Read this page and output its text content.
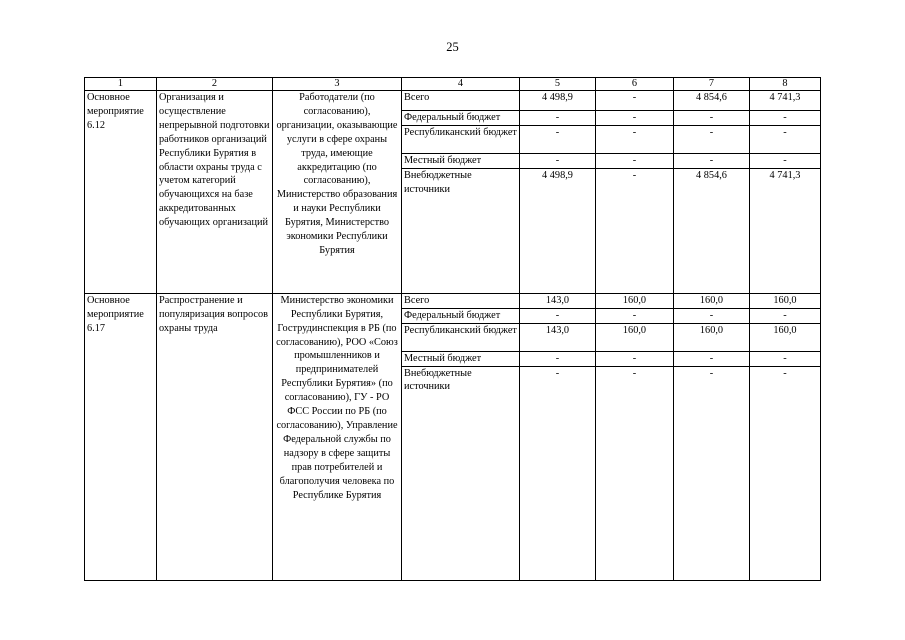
25
1	2	3	4	5	6	7	8
Основное мероприятие 6.12	Организация и осуществление непрерывной подготовки работников организаций Республики Бурятия в области охраны труда с учетом категорий обучающихся на базе аккредитованных обучающих организаций	Работодатели (по согласованию), организации, оказывающие услуги в сфере охраны труда, имеющие аккредитацию (по согласованию), Министерство образования и науки Республики Бурятия, Министерство экономики Республики Бурятия	Всего	4 498,9	-	4 854,6	4 741,3
			Федеральный бюджет	-	-	-	-
			Республиканский бюджет	-	-	-	-
			Местный бюджет	-	-	-	-
			Внебюджетные источники	4 498,9	-	4 854,6	4 741,3
Основное мероприятие 6.17	Распространение и популяризация вопросов охраны труда	Министерство экономики Республики Бурятия, Гострудинспекция в РБ (по согласованию), РОО «Союз промышленников и предпринимателей Республики Бурятия» (по согласованию), ГУ - РО ФСС России по РБ (по согласованию), Управление Федеральной службы по надзору в сфере защиты прав потребителей и благополучия человека по Республике Бурятия	Всего	143,0	160,0	160,0	160,0
			Федеральный бюджет	-	-	-	-
			Республиканский бюджет	143,0	160,0	160,0	160,0
			Местный бюджет	-	-	-	-
			Внебюджетные источники	-	-	-	-
